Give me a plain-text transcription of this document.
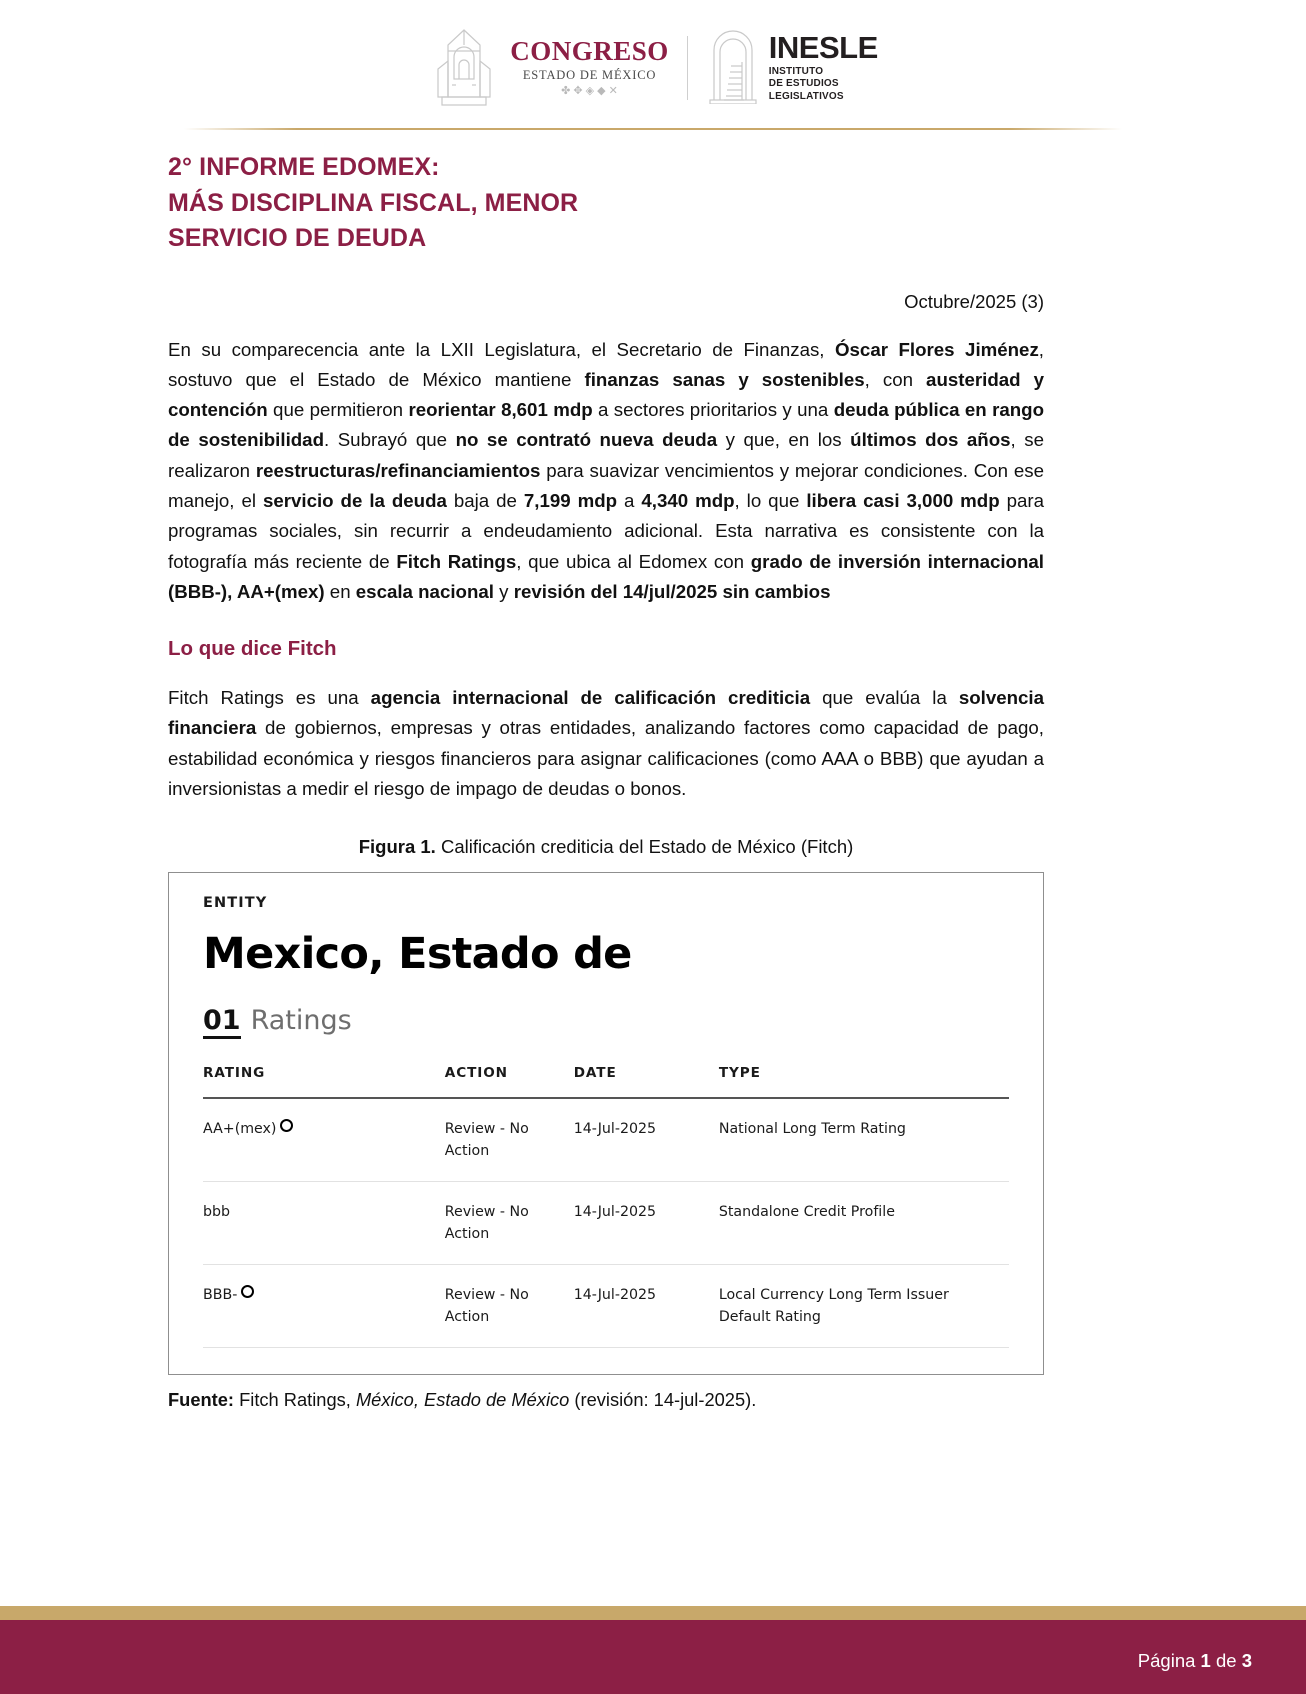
CONGRESO
ESTADO DE MÉXICO
✤ ✥ ◈ ◆ ✕
INESLE
INSTITUTO
DE ESTUDIOS
LEGISLATIVOS
2° INFORME EDOMEX:
MÁS DISCIPLINA FISCAL, MENOR
SERVICIO DE DEUDA
Octubre/2025 (3)

En su comparecencia ante la LXII Legislatura, el Secretario de Finanzas, Óscar Flores Jiménez, sostuvo que el Estado de México mantiene finanzas sanas y sostenibles, con austeridad y contención que permitieron reorientar 8,601 mdp a sectores prioritarios y una deuda pública en rango de sostenibilidad. Subrayó que no se contrató nueva deuda y que, en los últimos dos años, se realizaron reestructuras/refinanciamientos para suavizar vencimientos y mejorar condiciones. Con ese manejo, el servicio de la deuda baja de 7,199 mdp a 4,340 mdp, lo que libera casi 3,000 mdp para programas sociales, sin recurrir a endeudamiento adicional. Esta narrativa es consistente con la fotografía más reciente de Fitch Ratings, que ubica al Edomex con grado de inversión internacional (BBB-), AA+(mex) en escala nacional y revisión del 14/jul/2025 sin cambios

Lo que dice Fitch

Fitch Ratings es una agencia internacional de calificación crediticia que evalúa la solvencia financiera de gobiernos, empresas y otras entidades, analizando factores como capacidad de pago, estabilidad económica y riesgos financieros para asignar calificaciones (como AAA o BBB) que ayudan a inversionistas a medir el riesgo de impago de deudas o bonos.

Figura 1. Calificación crediticia del Estado de México (Fitch)
ENTITY
Mexico, Estado de
01 Ratings
RATING	ACTION	DATE	TYPE
AA+(mex)	Review - No Action	14-Jul-2025	National Long Term Rating
bbb	Review - No Action	14-Jul-2025	Standalone Credit Profile
BBB-	Review - No Action	14-Jul-2025	Local Currency Long Term Issuer Default Rating
Fuente: Fitch Ratings, México, Estado de México (revisión: 14-jul-2025).
Página 1 de 3
